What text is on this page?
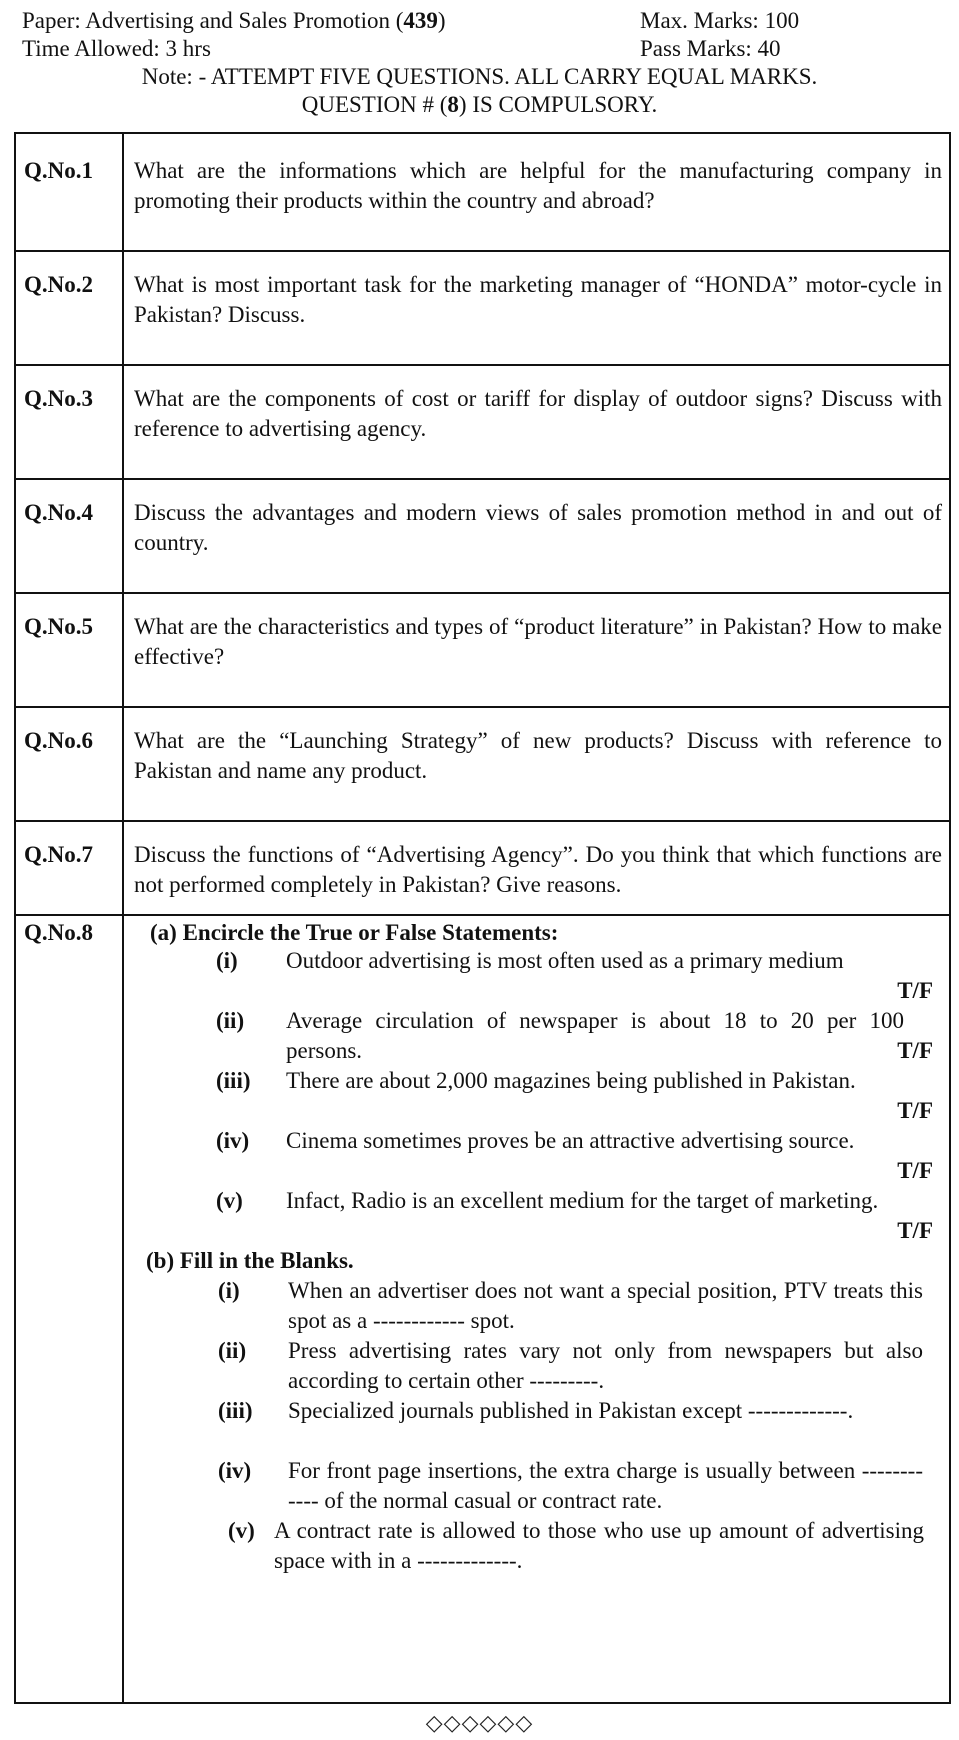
Paper: Advertising and Sales Promotion (439)	Max. Marks: 100
Time Allowed: 3 hrs	Pass Marks: 40
Note: - ATTEMPT FIVE QUESTIONS. ALL CARRY EQUAL MARKS.
QUESTION # (8) IS COMPULSORY.
Q.No.1 What are the informations which are helpful for the manufacturing company in promoting their products within the country and abroad?
Q.No.2 What is most important task for the marketing manager of “HONDA” motor-cycle in Pakistan? Discuss.
Q.No.3 What are the components of cost or tariff for display of outdoor signs? Discuss with reference to advertising agency.
Q.No.4 Discuss the advantages and modern views of sales promotion method in and out of country.
Q.No.5 What are the characteristics and types of “product literature” in Pakistan? How to make effective?
Q.No.6 What are the “Launching Strategy” of new products? Discuss with reference to Pakistan and name any product.
Q.No.7 Discuss the functions of “Advertising Agency”. Do you think that which functions are not performed completely in Pakistan? Give reasons.
Q.No.8 (a) Encircle the True or False Statements:
(i) Outdoor advertising is most often used as a primary medium
T/F
(ii) Average circulation of newspaper is about 18 to 20 per 100 persons.	T/F
(iii) There are about 2,000 magazines being published in Pakistan.
T/F
(iv) Cinema sometimes proves be an attractive advertising source.
T/F
(v) Infact, Radio is an excellent medium for the target of marketing.
T/F
(b) Fill in the Blanks.
(i) When an advertiser does not want a special position, PTV treats this spot as a ------------ spot.
(ii) Press advertising rates vary not only from newspapers but also according to certain other ---------.
(iii) Specialized journals published in Pakistan except -------------.
(iv) For front page insertions, the extra charge is usually between ------------ of the normal casual or contract rate.
(v) A contract rate is allowed to those who use up amount of advertising space with in a -------------.
◇◇◇◇◇◇
